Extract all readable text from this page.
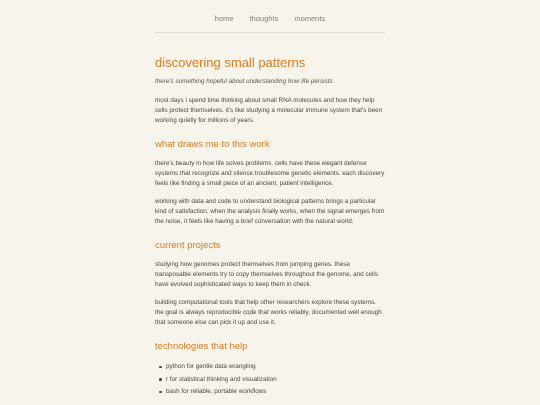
home thoughts moments
discovering small patterns
there's something hopeful about understanding how life persists

most days i spend time thinking about small RNA molecules and how they help cells protect themselves. it's like studying a molecular immune system that's been working quietly for millions of years.

what draws me to this work

there's beauty in how life solves problems. cells have these elegant defense systems that recognize and silence troublesome genetic elements. each discovery feels like finding a small piece of an ancient, patient intelligence.

working with data and code to understand biological patterns brings a particular kind of satisfaction. when the analysis finally works, when the signal emerges from the noise, it feels like having a brief conversation with the natural world.

current projects

studying how genomes protect themselves from jumping genes. these transposable elements try to copy themselves throughout the genome, and cells have evolved sophisticated ways to keep them in check.

building computational tools that help other researchers explore these systems. the goal is always reproducible code that works reliably, documented well enough that someone else can pick it up and use it.

technologies that help
python for gentle data wrangling
r for statistical thinking and visualization
bash for reliable, portable workflows
